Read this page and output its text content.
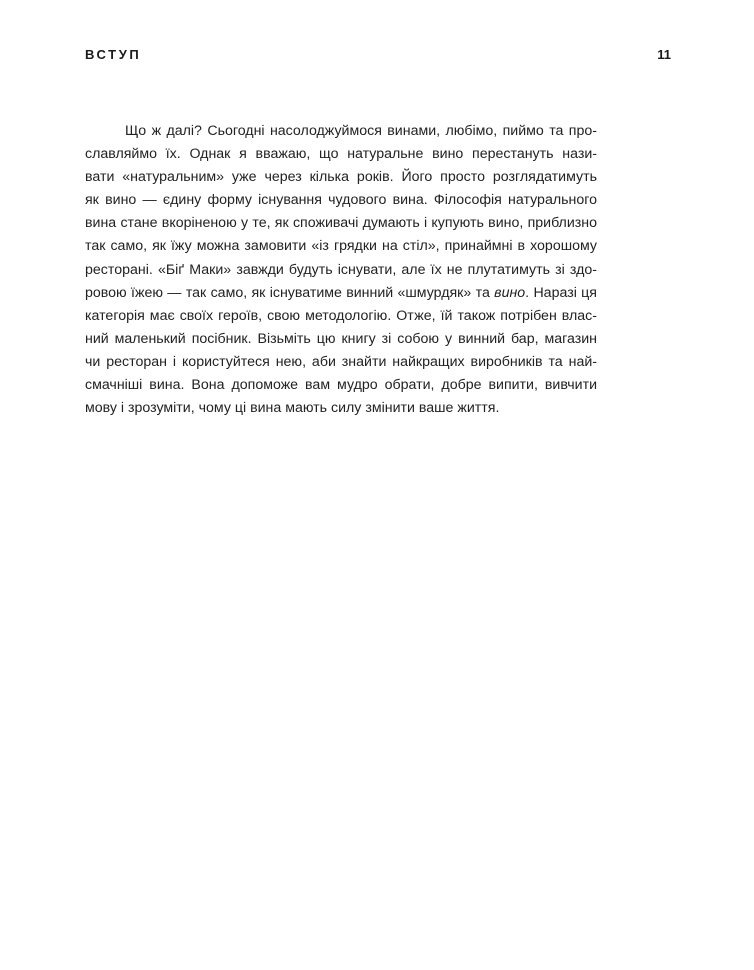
ВСТУП	11
Що ж далі? Сьогодні насолоджуймося винами, любімо, пиймо та про-
славляймо їх. Однак я вважаю, що натуральне вино перестануть нази-
вати «натуральним» уже через кілька років. Його просто розглядатимуть
як вино — єдину форму існування чудового вина. Філософія натурального
вина стане вкоріненою у те, як споживачі думають і купують вино, приблизно
так само, як їжу можна замовити «із грядки на стіл», принаймні в хорошому
ресторані. «Біґ Маки» завжди будуть існувати, але їх не плутатимуть зі здо-
ровою їжею — так само, як існуватиме винний «шмурдяк» та вино. Наразі ця
категорія має своїх героїв, свою методологію. Отже, їй також потрібен влас-
ний маленький посібник. Візьміть цю книгу зі собою у винний бар, магазин
чи ресторан і користуйтеся нею, аби знайти найкращих виробників та най-
смачніші вина. Вона допоможе вам мудро обрати, добре випити, вивчити
мову і зрозуміти, чому ці вина мають силу змінити ваше життя.
